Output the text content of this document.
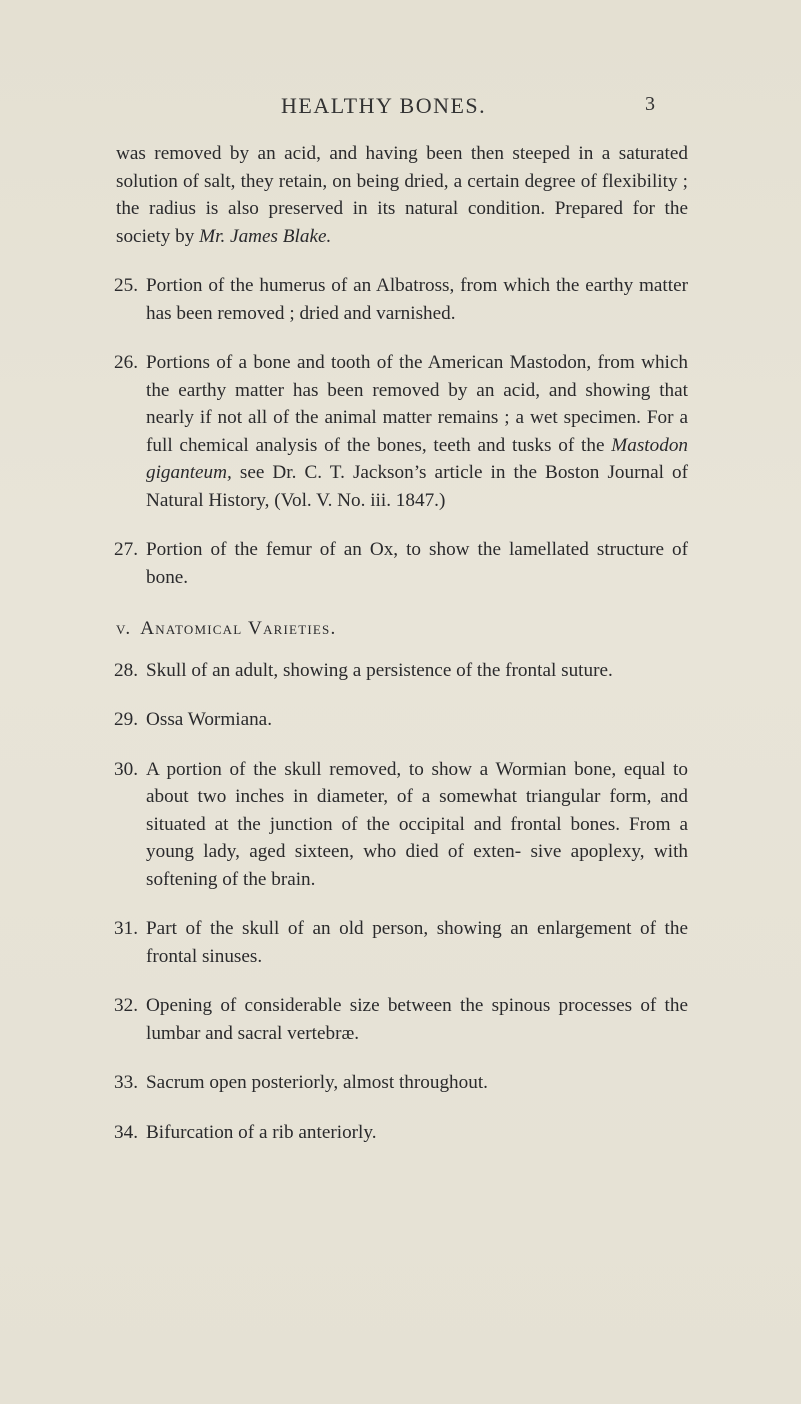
HEALTHY BONES.	3

was removed by an acid, and having been then steeped in a saturated solution of salt, they retain, on being dried, a certain degree of flexibility ; the radius is also preserved in its natural condition. Prepared for the society by Mr. James Blake.

25. Portion of the humerus of an Albatross, from which the earthy matter has been removed ; dried and varnished.
26. Portions of a bone and tooth of the American Mastodon, from which the earthy matter has been removed by an acid, and showing that nearly if not all of the animal matter remains ; a wet specimen. For a full chemical analysis of the bones, teeth and tusks of the Mastodon giganteum, see Dr. C. T. Jackson’s article in the Boston Journal of Natural History, (Vol. V. No. iii. 1847.)
27. Portion of the femur of an Ox, to show the lamellated structure of bone.

v. Anatomical Varieties.

28. Skull of an adult, showing a persistence of the frontal suture.
29. Ossa Wormiana.
30. A portion of the skull removed, to show a Wormian bone, equal to about two inches in diameter, of a somewhat triangular form, and situated at the junction of the occipital and frontal bones. From a young lady, aged sixteen, who died of exten- sive apoplexy, with softening of the brain.
31. Part of the skull of an old person, showing an enlargement of the frontal sinuses.
32. Opening of considerable size between the spinous processes of the lumbar and sacral vertebræ.
33. Sacrum open posteriorly, almost throughout.
34. Bifurcation of a rib anteriorly.
